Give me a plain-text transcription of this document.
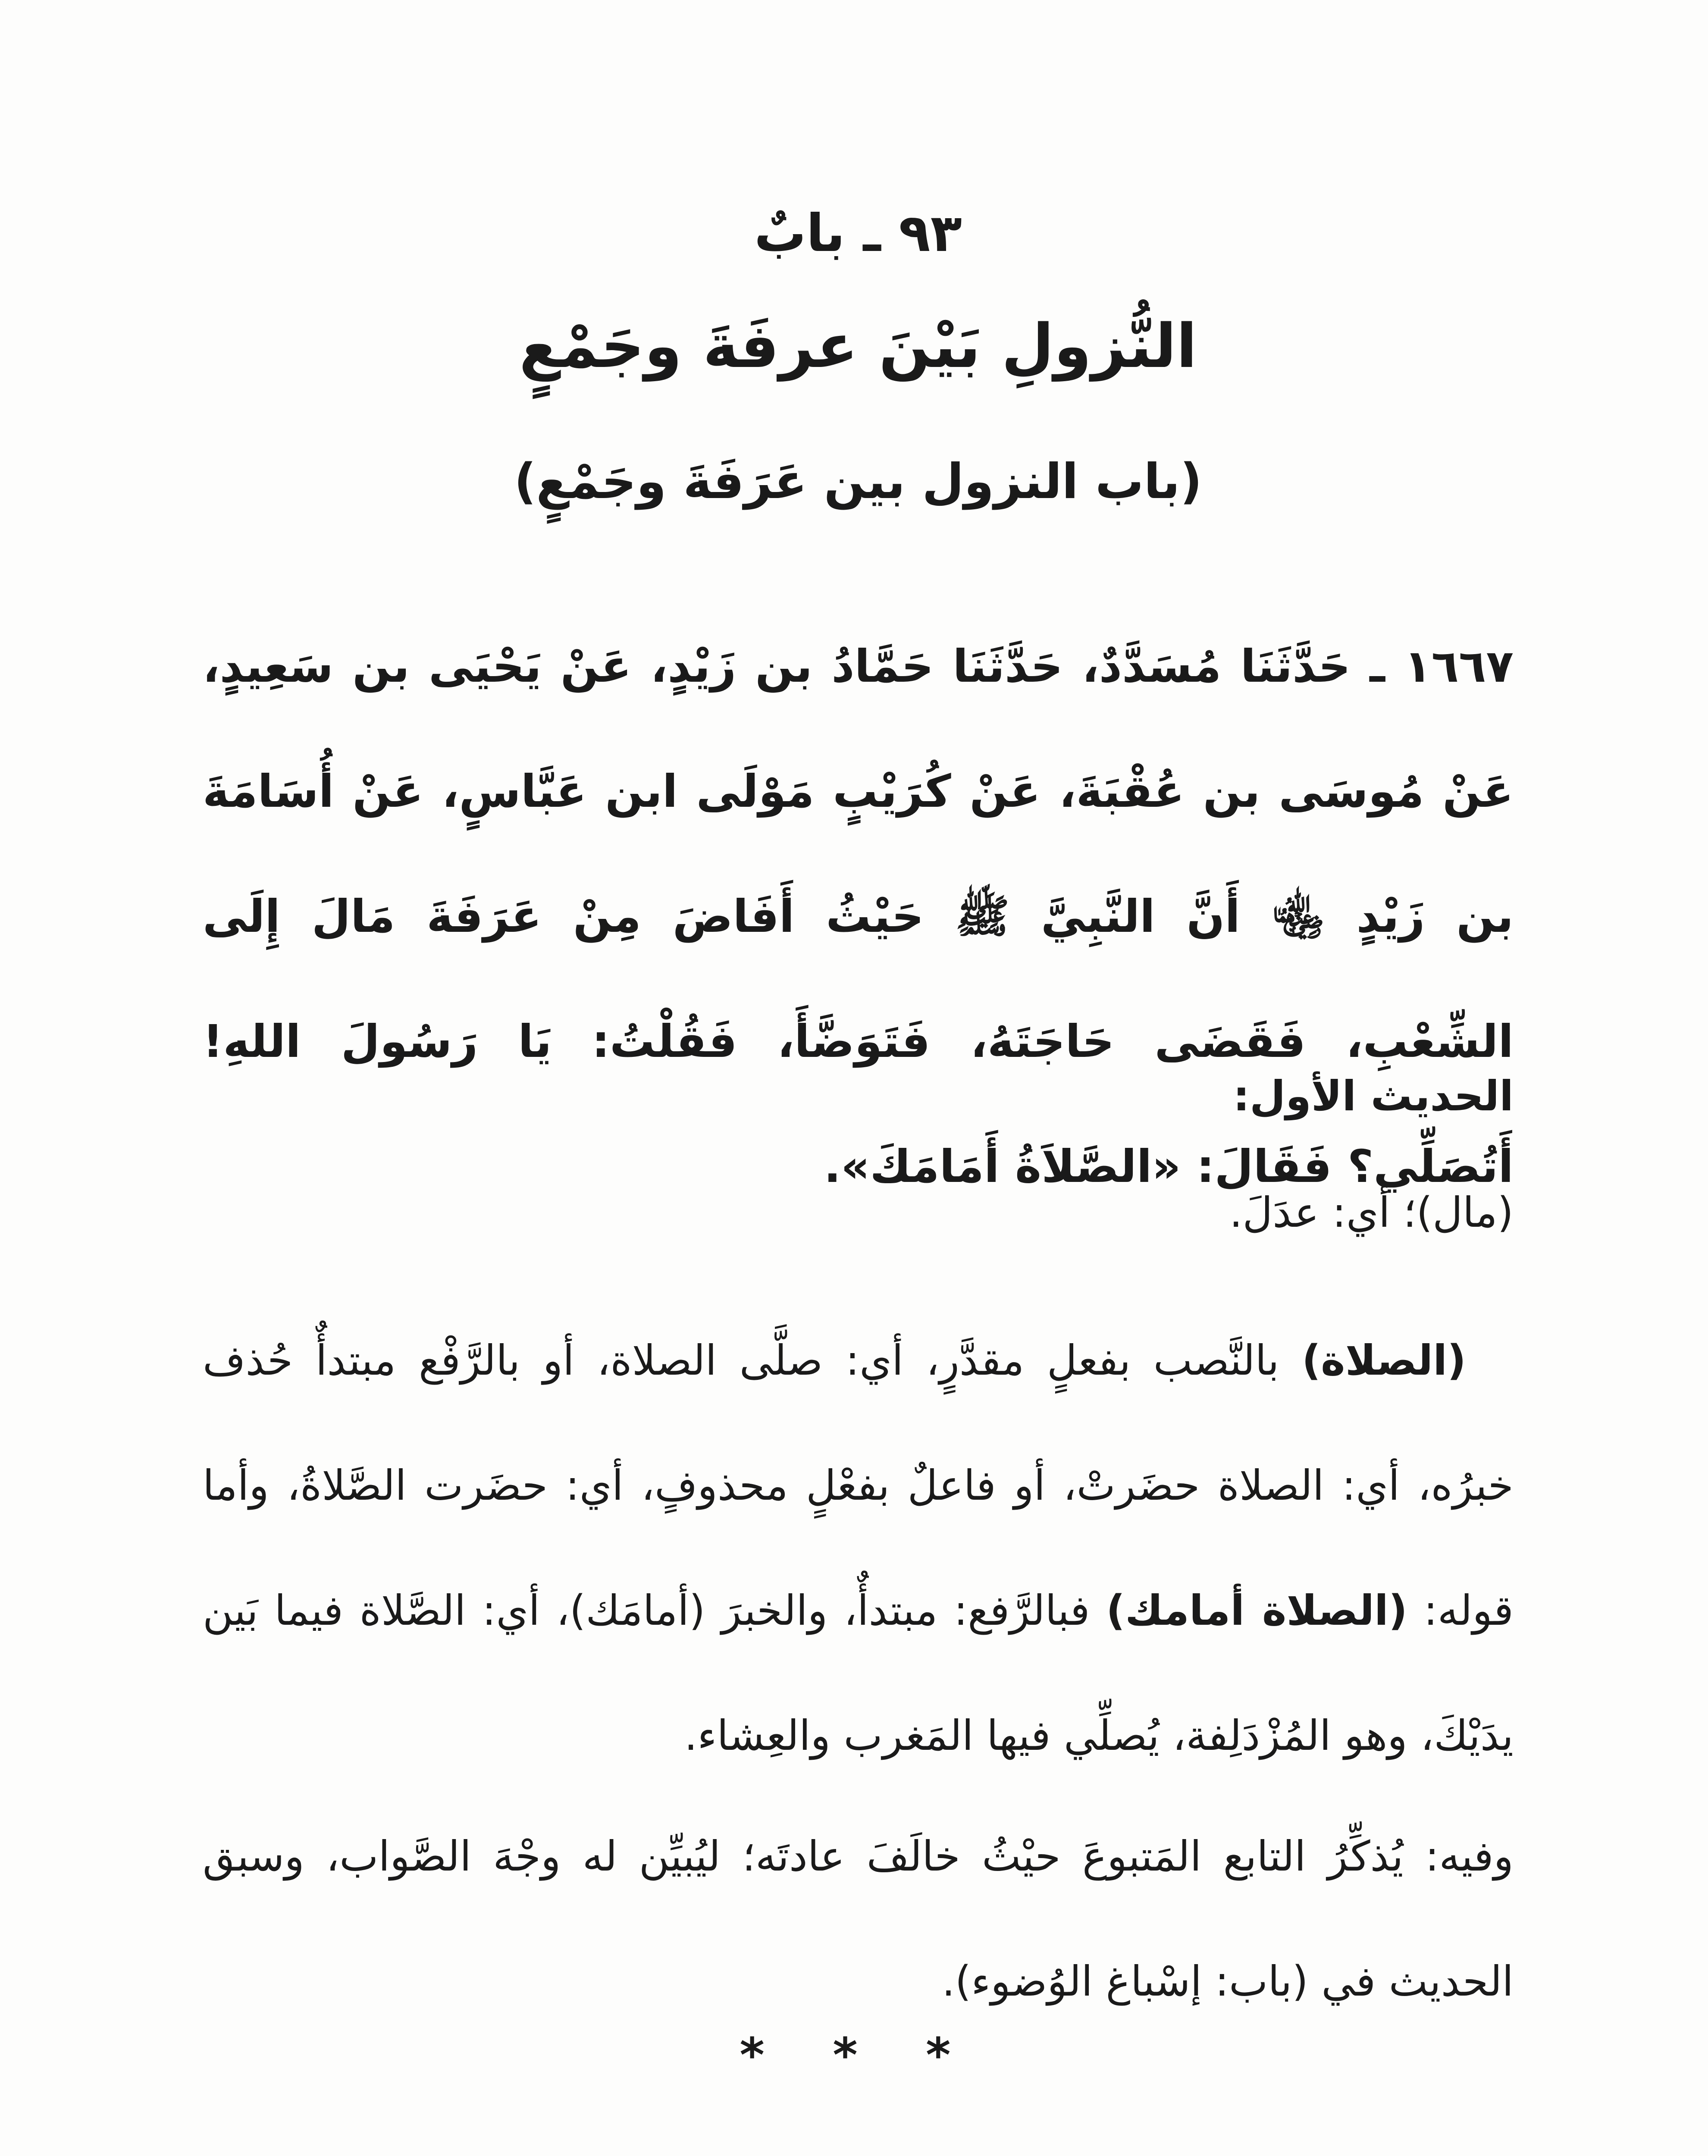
٩٣ ـ بابٌ
النُّزولِ بَيْنَ عرفَةَ وجَمْعٍ
(باب النزول بين عَرَفَةَ وجَمْعٍ)
١٦٦٧ ـ حَدَّثَنَا مُسَدَّدٌ، حَدَّثَنَا حَمَّادُ بن زَيْدٍ، عَنْ يَحْيَى بن سَعِيدٍ، عَنْ مُوسَى بن عُقْبَةَ، عَنْ كُرَيْبٍ مَوْلَى ابن عَبَّاسٍ، عَنْ أُسَامَةَ بن زَيْدٍ ﵄ أَنَّ النَّبِيَّ ﷺ حَيْثُ أَفَاضَ مِنْ عَرَفَةَ مَالَ إِلَى الشِّعْبِ، فَقَضَى حَاجَتَهُ، فَتَوَضَّأَ، فَقُلْتُ: يَا رَسُولَ اللهِ! أَتُصَلِّي؟ فَقَالَ: «الصَّلاَةُ أَمَامَكَ».
الحديث الأول:
(مال)؛ أي: عدَلَ.
(الصلاة) بالنَّصب بفعلٍ مقدَّرٍ، أي: صلَّى الصلاة، أو بالرَّفْع مبتدأٌ حُذف خبرُه، أي: الصلاة حضَرتْ، أو فاعلٌ بفعْلٍ محذوفٍ، أي: حضَرت الصَّلاةُ، وأما قوله: (الصلاة أمامك) فبالرَّفع: مبتدأٌ، والخبرَ (أمامَك)، أي: الصَّلاة فيما بَين يدَيْكَ، وهو المُزْدَلِفة، يُصلِّي فيها المَغرب والعِشاء.
وفيه: يُذكِّرُ التابع المَتبوعَ حيْثُ خالَفَ عادتَه؛ ليُبيِّن له وجْهَ الصَّواب، وسبق الحديث في (باب: إسْباغ الوُضوء).
* * *
